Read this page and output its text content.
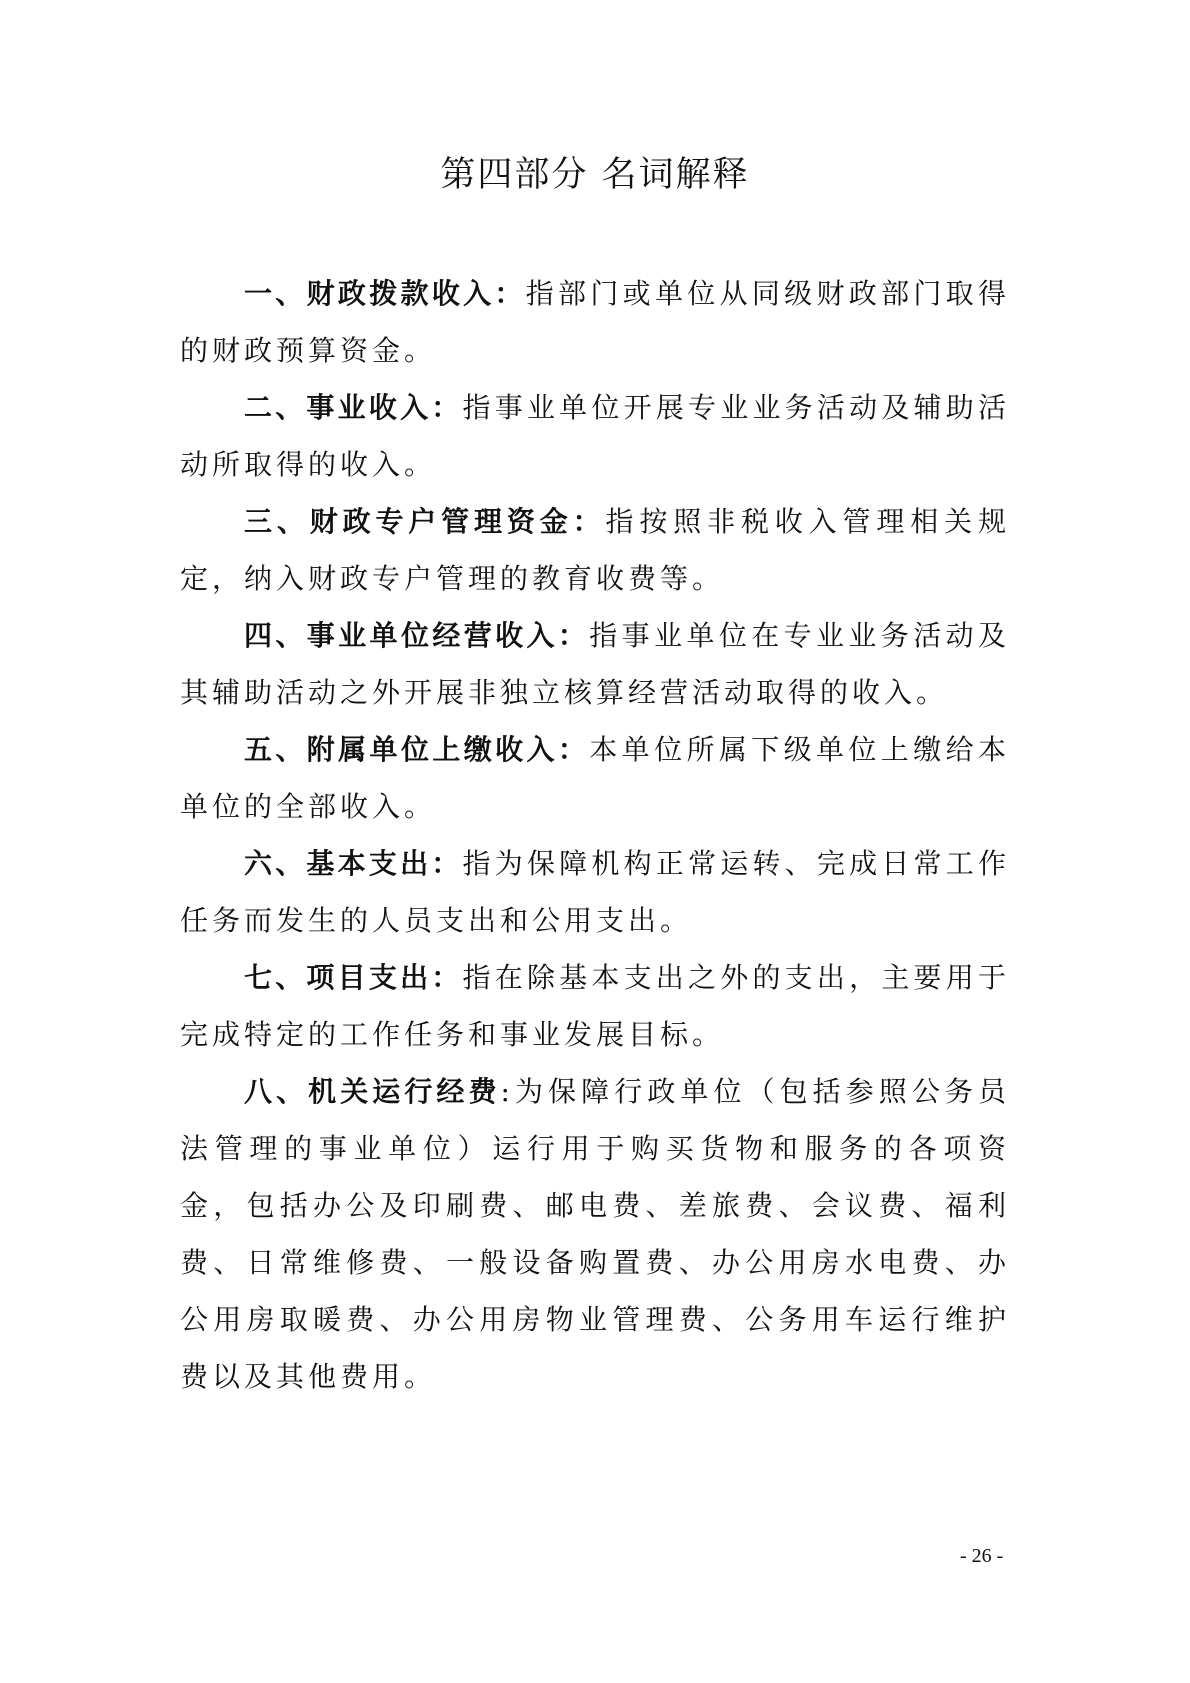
第四部分 名词解释

一、财政拨款收入：指部门或单位从同级财政部门取得的财政预算资金。

二、事业收入：指事业单位开展专业业务活动及辅助活动所取得的收入。

三、财政专户管理资金：指按照非税收入管理相关规定，纳入财政专户管理的教育收费等。

四、事业单位经营收入：指事业单位在专业业务活动及其辅助活动之外开展非独立核算经营活动取得的收入。

五、附属单位上缴收入：本单位所属下级单位上缴给本单位的全部收入。

六、基本支出：指为保障机构正常运转、完成日常工作任务而发生的人员支出和公用支出。

七、项目支出：指在除基本支出之外的支出，主要用于完成特定的工作任务和事业发展目标。

八、机关运行经费:为保障行政单位（包括参照公务员法管理的事业单位）运行用于购买货物和服务的各项资金，包括办公及印刷费、邮电费、差旅费、会议费、福利费、日常维修费、一般设备购置费、办公用房水电费、办公用房取暖费、办公用房物业管理费、公务用车运行维护费以及其他费用。

- 26 -
